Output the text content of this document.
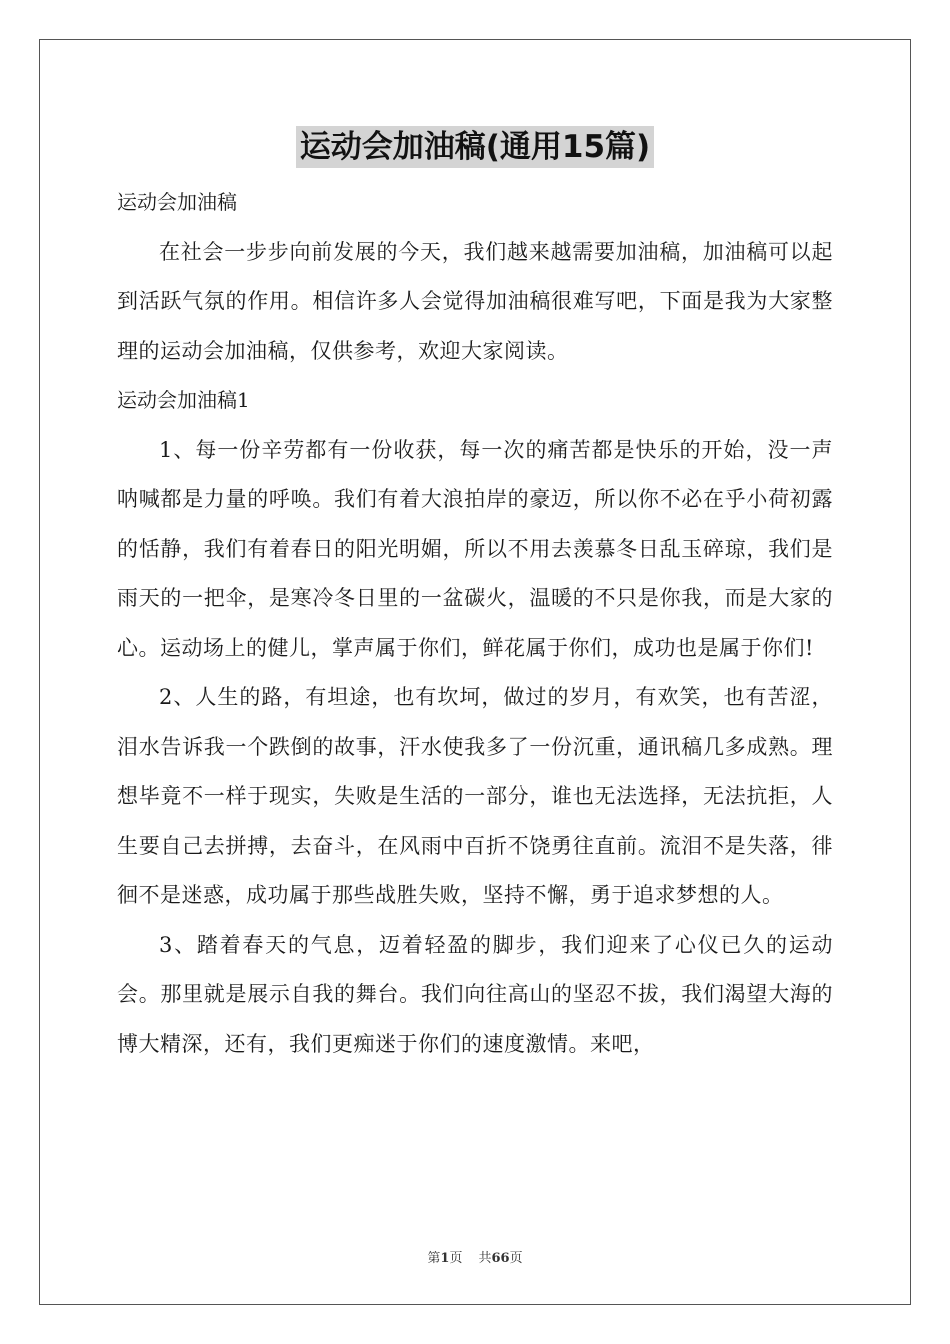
运动会加油稿(通用15篇)

运动会加油稿

在社会一步步向前发展的今天，我们越来越需要加油稿，加油稿可以起到活跃气氛的作用。相信许多人会觉得加油稿很难写吧，下面是我为大家整理的运动会加油稿，仅供参考，欢迎大家阅读。

运动会加油稿1

1、每一份辛劳都有一份收获，每一次的痛苦都是快乐的开始，没一声呐喊都是力量的呼唤。我们有着大浪拍岸的豪迈，所以你不必在乎小荷初露的恬静，我们有着春日的阳光明媚，所以不用去羡慕冬日乱玉碎琼，我们是雨天的一把伞，是寒冷冬日里的一盆碳火，温暖的不只是你我，而是大家的心。运动场上的健儿，掌声属于你们，鲜花属于你们，成功也是属于你们!

2、人生的路，有坦途，也有坎坷，做过的岁月，有欢笑，也有苦涩，泪水告诉我一个跌倒的故事，汗水使我多了一份沉重，通讯稿几多成熟。理想毕竟不一样于现实，失败是生活的一部分，谁也无法选择，无法抗拒，人生要自己去拼搏，去奋斗，在风雨中百折不饶勇往直前。流泪不是失落，徘徊不是迷惑，成功属于那些战胜失败，坚持不懈，勇于追求梦想的人。

3、踏着春天的气息，迈着轻盈的脚步，我们迎来了心仪已久的运动会。那里就是展示自我的舞台。我们向往高山的坚忍不拔，我们渴望大海的博大精深，还有，我们更痴迷于你们的速度激情。来吧，

第1页 共66页
